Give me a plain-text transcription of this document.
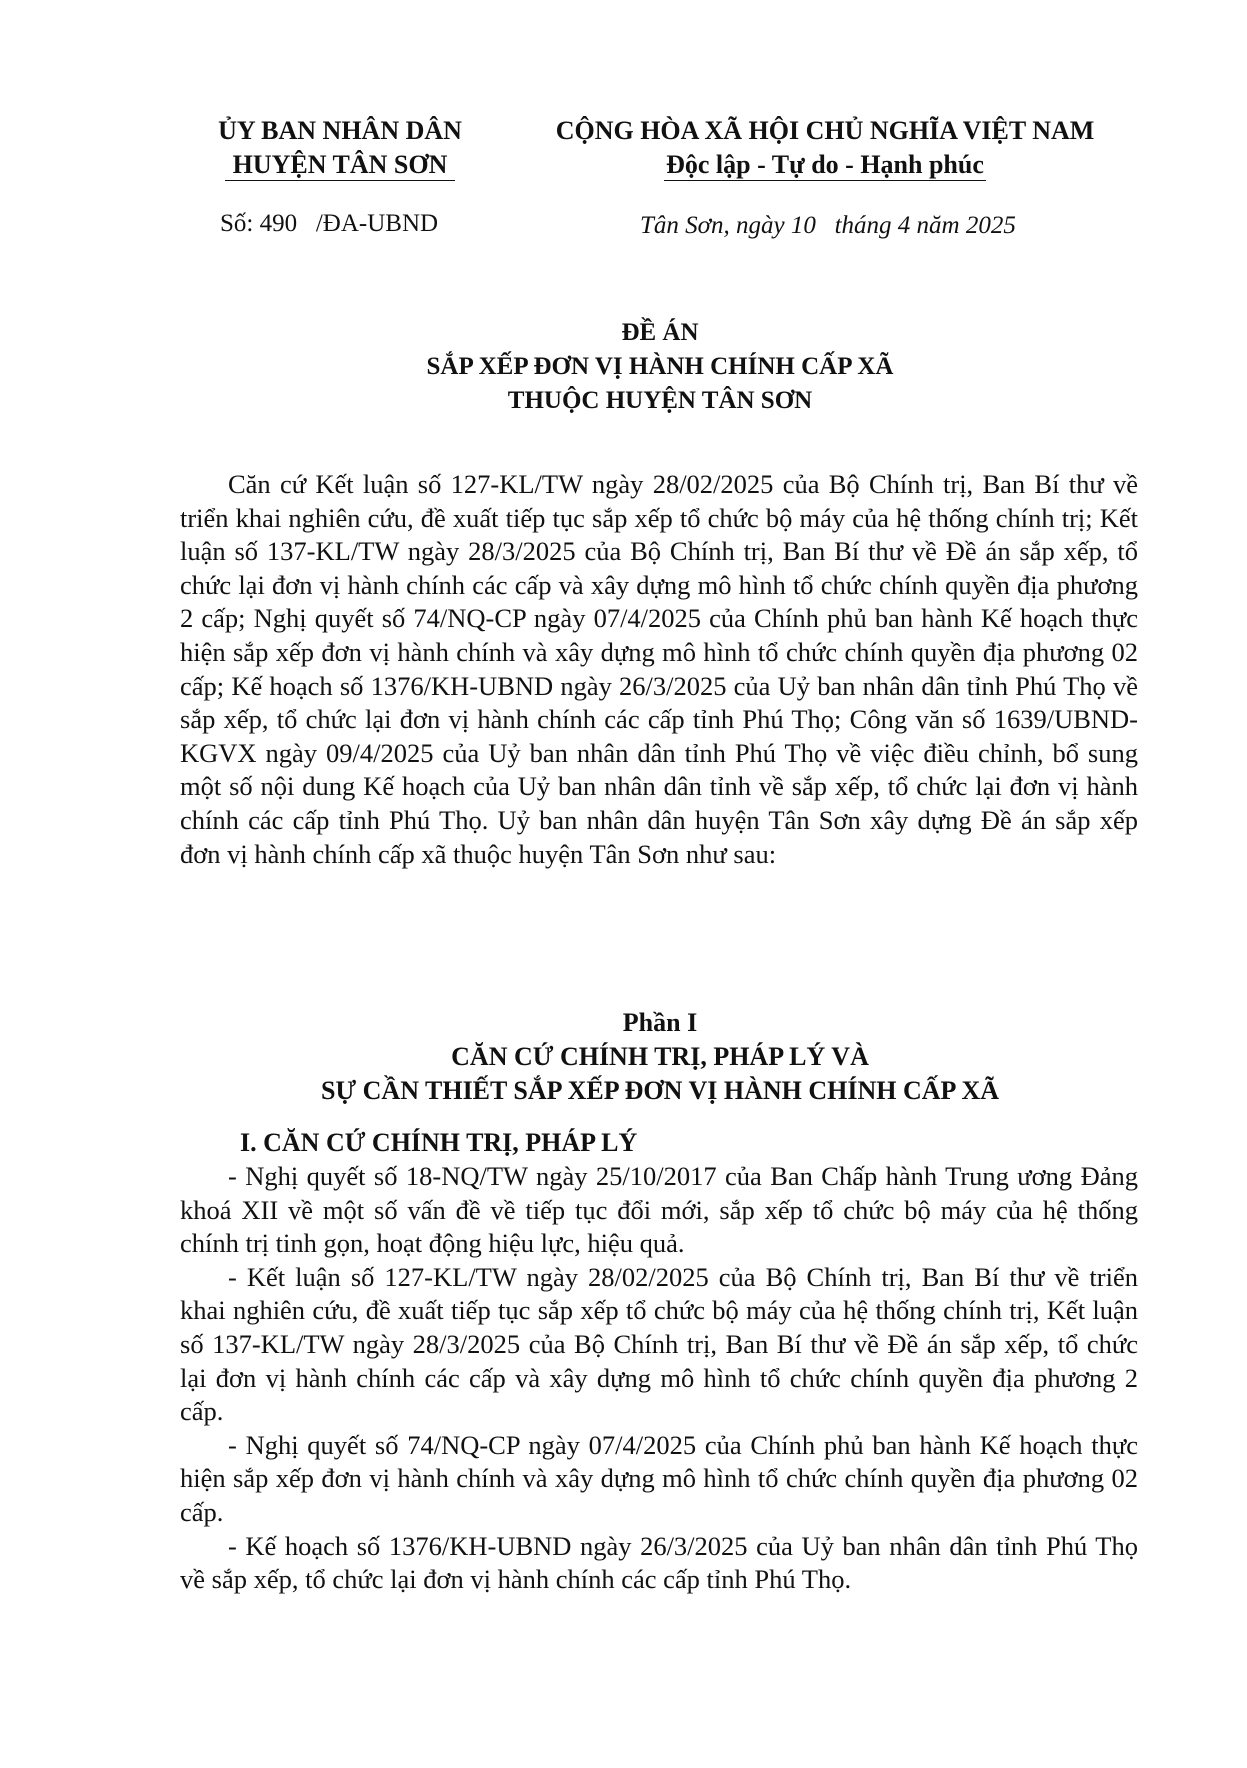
ỦY BAN NHÂN DÂN
HUYỆN TÂN SƠN
CỘNG HÒA XÃ HỘI CHỦ NGHĨA VIỆT NAM
Độc lập - Tự do - Hạnh phúc
Số: 490   /ĐA-UBND	Tân Sơn, ngày 10   tháng 4 năm 2025
ĐỀ ÁN
SẮP XẾP ĐƠN VỊ HÀNH CHÍNH CẤP XÃ
THUỘC HUYỆN TÂN SƠN

Căn cứ Kết luận số 127-KL/TW ngày 28/02/2025 của Bộ Chính trị, Ban Bí thư về triển khai nghiên cứu, đề xuất tiếp tục sắp xếp tổ chức bộ máy của hệ thống chính trị; Kết luận số 137-KL/TW ngày 28/3/2025 của Bộ Chính trị, Ban Bí thư về Đề án sắp xếp, tổ chức lại đơn vị hành chính các cấp và xây dựng mô hình tổ chức chính quyền địa phương 2 cấp; Nghị quyết số 74/NQ-CP ngày 07/4/2025 của Chính phủ ban hành Kế hoạch thực hiện sắp xếp đơn vị hành chính và xây dựng mô hình tổ chức chính quyền địa phương 02 cấp; Kế hoạch số 1376/KH-UBND ngày 26/3/2025 của Uỷ ban nhân dân tỉnh Phú Thọ về sắp xếp, tổ chức lại đơn vị hành chính các cấp tỉnh Phú Thọ; Công văn số 1639/UBND-KGVX ngày 09/4/2025 của Uỷ ban nhân dân tỉnh Phú Thọ về việc điều chỉnh, bổ sung một số nội dung Kế hoạch của Uỷ ban nhân dân tỉnh về sắp xếp, tổ chức lại đơn vị hành chính các cấp tỉnh Phú Thọ. Uỷ ban nhân dân huyện Tân Sơn xây dựng Đề án sắp xếp đơn vị hành chính cấp xã thuộc huyện Tân Sơn như sau:

Phần I
CĂN CỨ CHÍNH TRỊ, PHÁP LÝ VÀ
SỰ CẦN THIẾT SẮP XẾP ĐƠN VỊ HÀNH CHÍNH CẤP XÃ
I. CĂN CỨ CHÍNH TRỊ, PHÁP LÝ

- Nghị quyết số 18-NQ/TW ngày 25/10/2017 của Ban Chấp hành Trung ương Đảng khoá XII về một số vấn đề về tiếp tục đổi mới, sắp xếp tổ chức bộ máy của hệ thống chính trị tinh gọn, hoạt động hiệu lực, hiệu quả.

- Kết luận số 127-KL/TW ngày 28/02/2025 của Bộ Chính trị, Ban Bí thư về triển khai nghiên cứu, đề xuất tiếp tục sắp xếp tổ chức bộ máy của hệ thống chính trị, Kết luận số 137-KL/TW ngày 28/3/2025 của Bộ Chính trị, Ban Bí thư về Đề án sắp xếp, tổ chức lại đơn vị hành chính các cấp và xây dựng mô hình tổ chức chính quyền địa phương 2 cấp.

- Nghị quyết số 74/NQ-CP ngày 07/4/2025 của Chính phủ ban hành Kế hoạch thực hiện sắp xếp đơn vị hành chính và xây dựng mô hình tổ chức chính quyền địa phương 02 cấp.

- Kế hoạch số 1376/KH-UBND ngày 26/3/2025 của Uỷ ban nhân dân tỉnh Phú Thọ về sắp xếp, tổ chức lại đơn vị hành chính các cấp tỉnh Phú Thọ.
